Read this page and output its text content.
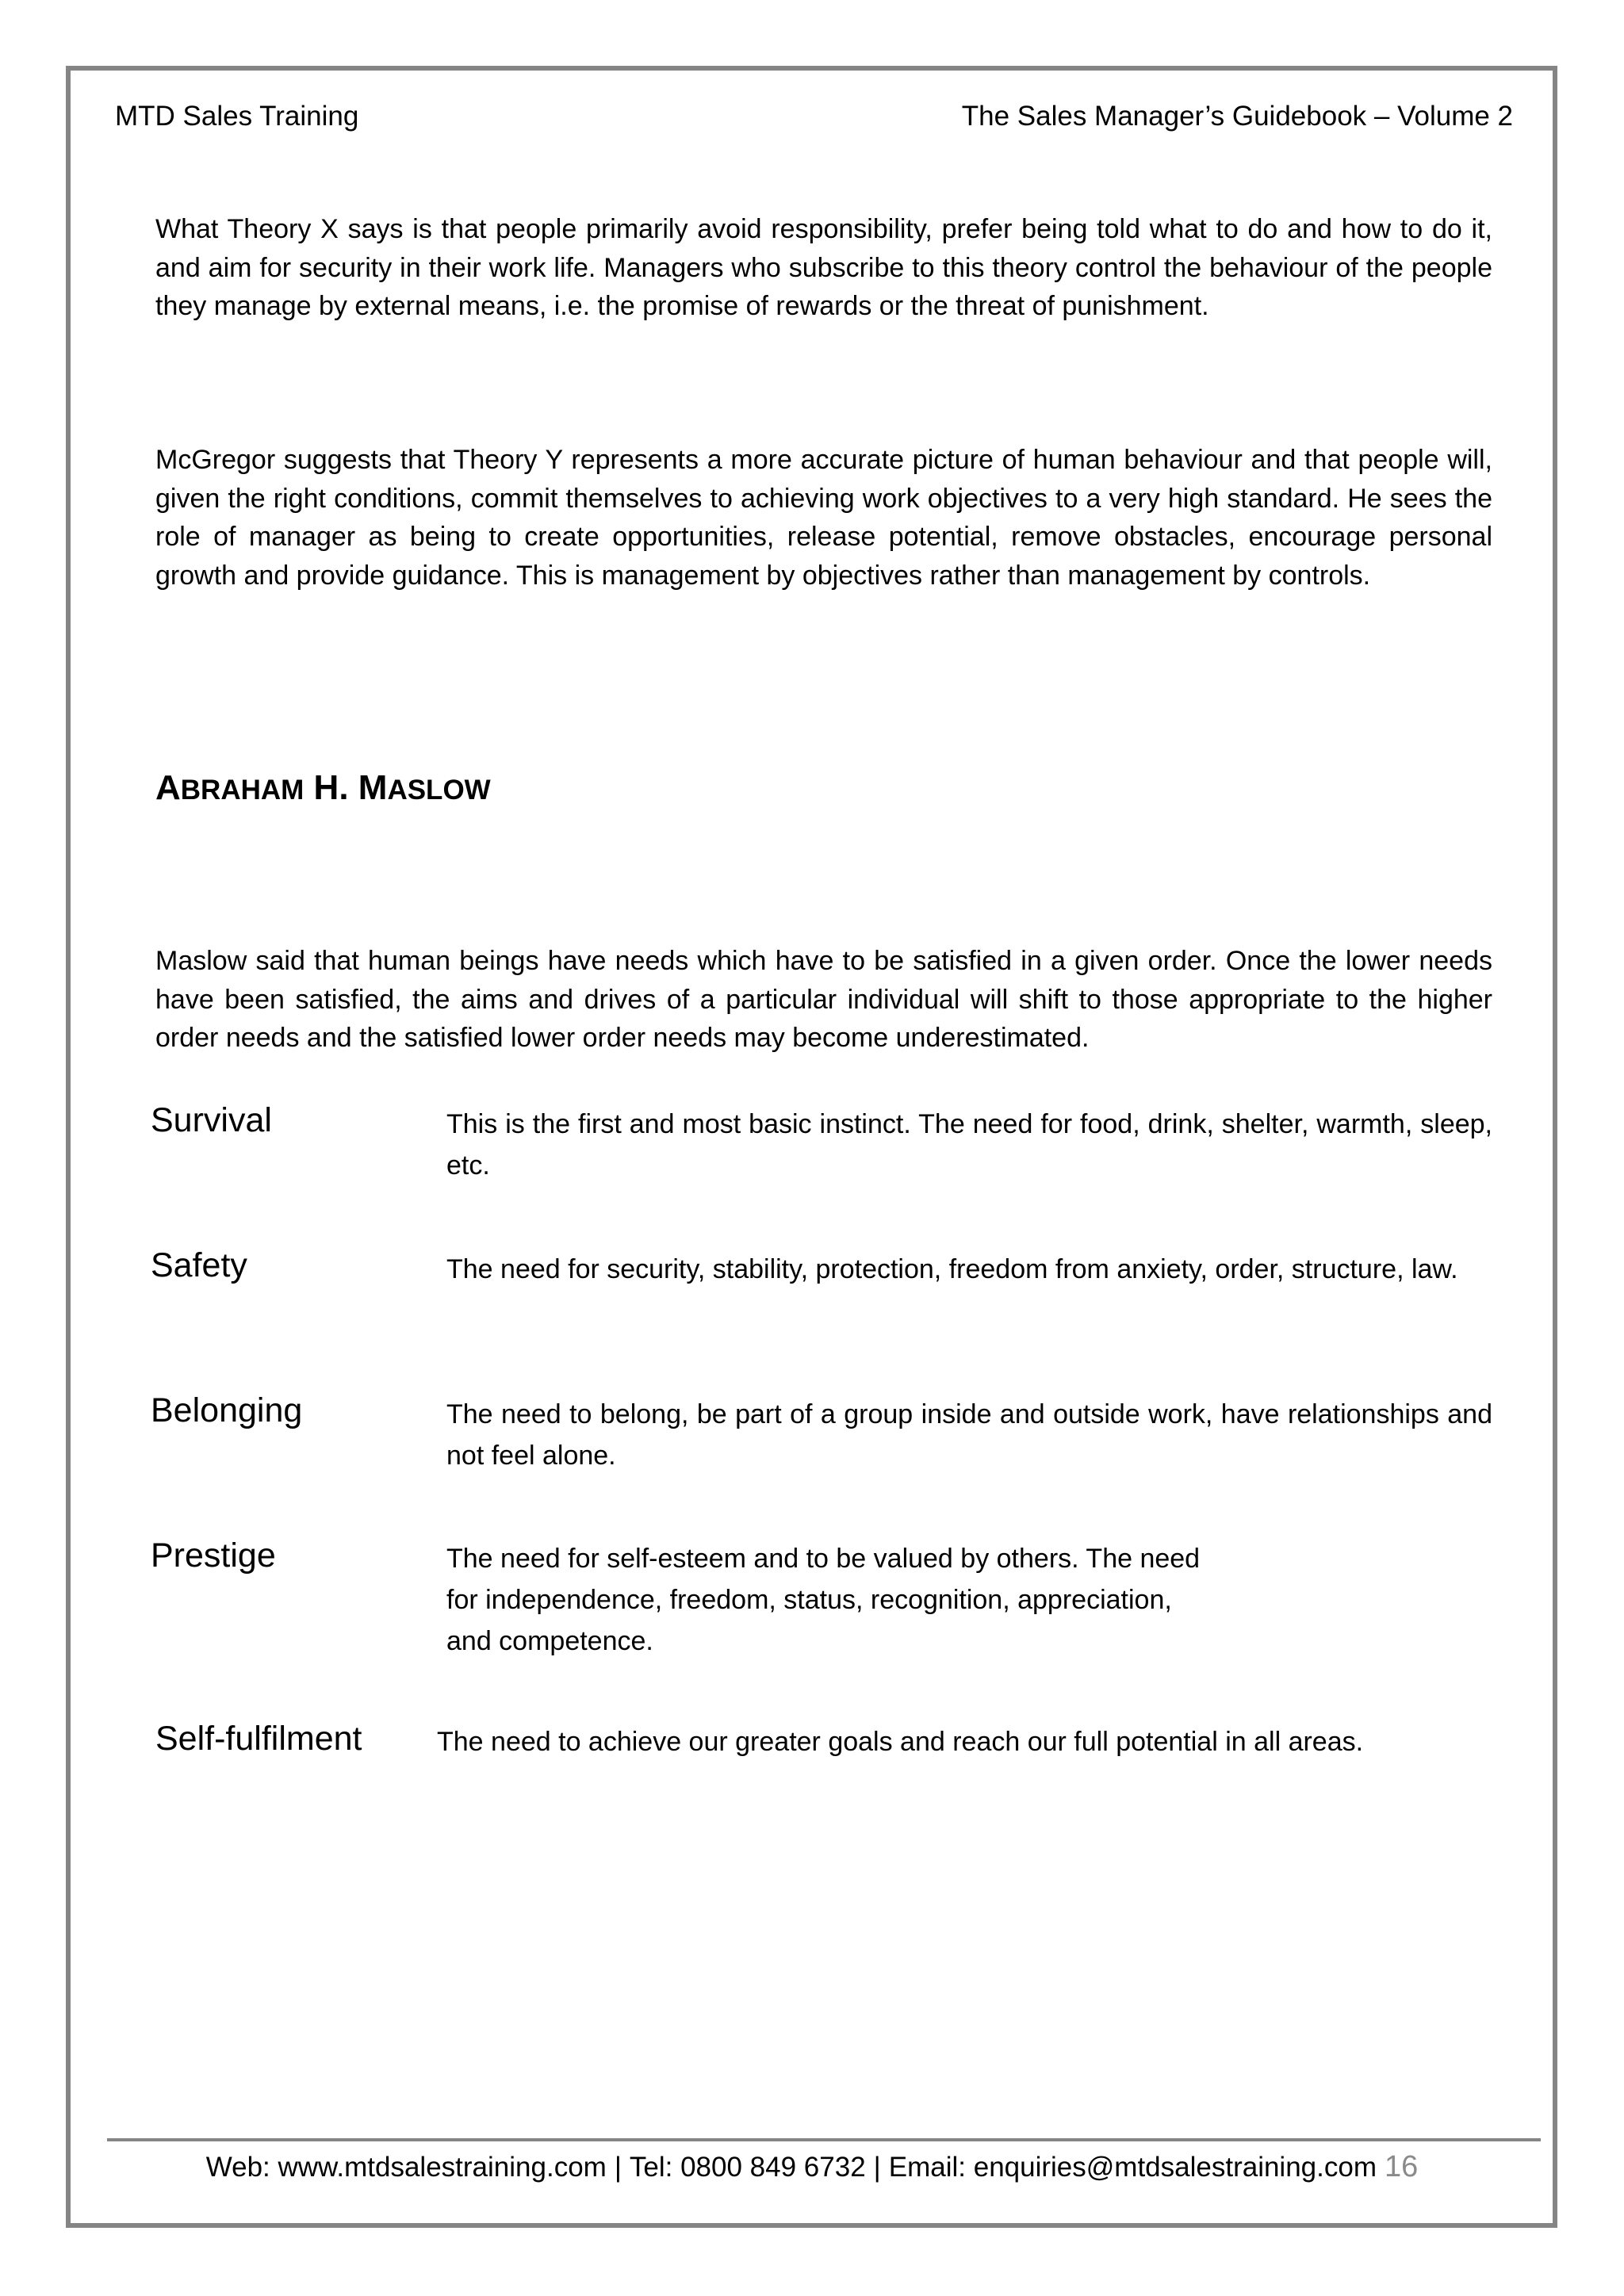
MTD Sales Training	The Sales Manager’s Guidebook – Volume 2

What Theory X says is that people primarily avoid responsibility, prefer being told what to do and how to do it, and aim for security in their work life. Managers who subscribe to this theory control the behaviour of the people they manage by external means, i.e. the promise of rewards or the threat of punishment.

McGregor suggests that Theory Y represents a more accurate picture of human behaviour and that people will, given the right conditions, commit themselves to achieving work objectives to a very high standard. He sees the role of manager as being to create opportunities, release potential, remove obstacles, encourage personal growth and provide guidance. This is management by objectives rather than management by controls.

ABRAHAM H. MASLOW

Maslow said that human beings have needs which have to be satisfied in a given order. Once the lower needs have been satisfied, the aims and drives of a particular individual will shift to those appropriate to the higher order needs and the satisfied lower order needs may become underestimated.

Survival	This is the first and most basic instinct. The need for food, drink, shelter, warmth, sleep, etc.

Safety	The need for security, stability, protection, freedom from anxiety, order, structure, law.

Belonging	The need to belong, be part of a group inside and outside work, have relationships and not feel alone.

Prestige	The need for self-esteem and to be valued by others. The need
for independence, freedom, status, recognition, appreciation,
and competence.

Self-fulfilment	The need to achieve our greater goals and reach our full potential in all areas.

Web: www.mtdsalestraining.com | Tel: 0800 849 6732 | Email: enquiries@mtdsalestraining.com 16
